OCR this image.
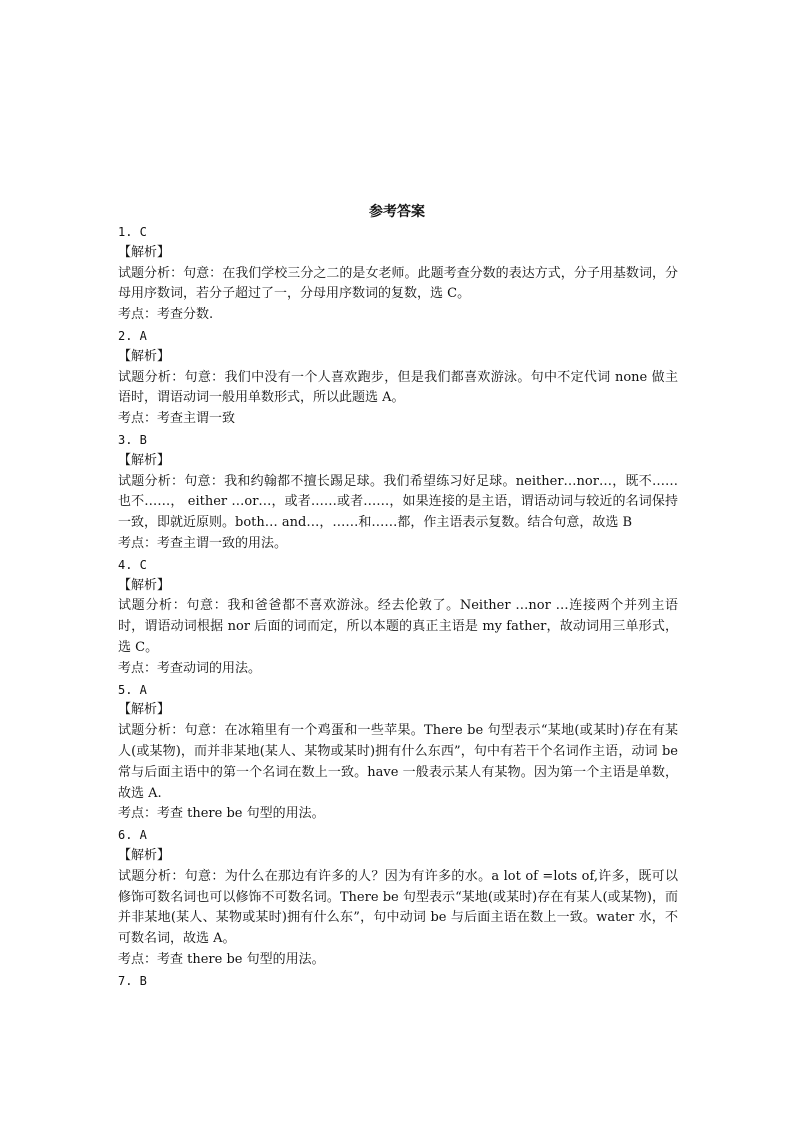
参考答案
1. C
【解析】
试题分析：句意：在我们学校三分之二的是女老师。此题考查分数的表达方式，分子用基数词，分母用序数词，若分子超过了一，分母用序数词的复数，选 C。
考点：考查分数.
2. A
【解析】
试题分析：句意：我们中没有一个人喜欢跑步，但是我们都喜欢游泳。句中不定代词 none 做主语时，谓语动词一般用单数形式，所以此题选 A。
考点：考查主谓一致
3. B
【解析】
试题分析：句意：我和约翰都不擅长踢足球。我们希望练习好足球。neither…nor…，既不……也不……， either …or…，或者……或者……，如果连接的是主语，谓语动词与较近的名词保持一致，即就近原则。both… and…，……和……都，作主语表示复数。结合句意，故选 B
考点：考查主谓一致的用法。
4. C
【解析】
试题分析：句意：我和爸爸都不喜欢游泳。经去伦敦了。Neither …nor …连接两个并列主语时，谓语动词根据 nor 后面的词而定，所以本题的真正主语是 my father，故动词用三单形式，选 C。
考点：考查动词的用法。
5. A
【解析】
试题分析：句意：在冰箱里有一个鸡蛋和一些苹果。There be 句型表示“某地(或某时)存在有某人(或某物)，而并非某地(某人、某物或某时)拥有什么东西”，句中有若干个名词作主语，动词 be 常与后面主语中的第一个名词在数上一致。have 一般表示某人有某物。因为第一个主语是单数，故选 A.
考点：考查 there be 句型的用法。
6. A
【解析】
试题分析：句意：为什么在那边有许多的人？因为有许多的水。a lot of =lots of,许多，既可以修饰可数名词也可以修饰不可数名词。There be 句型表示“某地(或某时)存在有某人(或某物)，而并非某地(某人、某物或某时)拥有什么东”，句中动词 be 与后面主语在数上一致。water 水，不可数名词，故选 A。
考点：考查 there be 句型的用法。
7. B
